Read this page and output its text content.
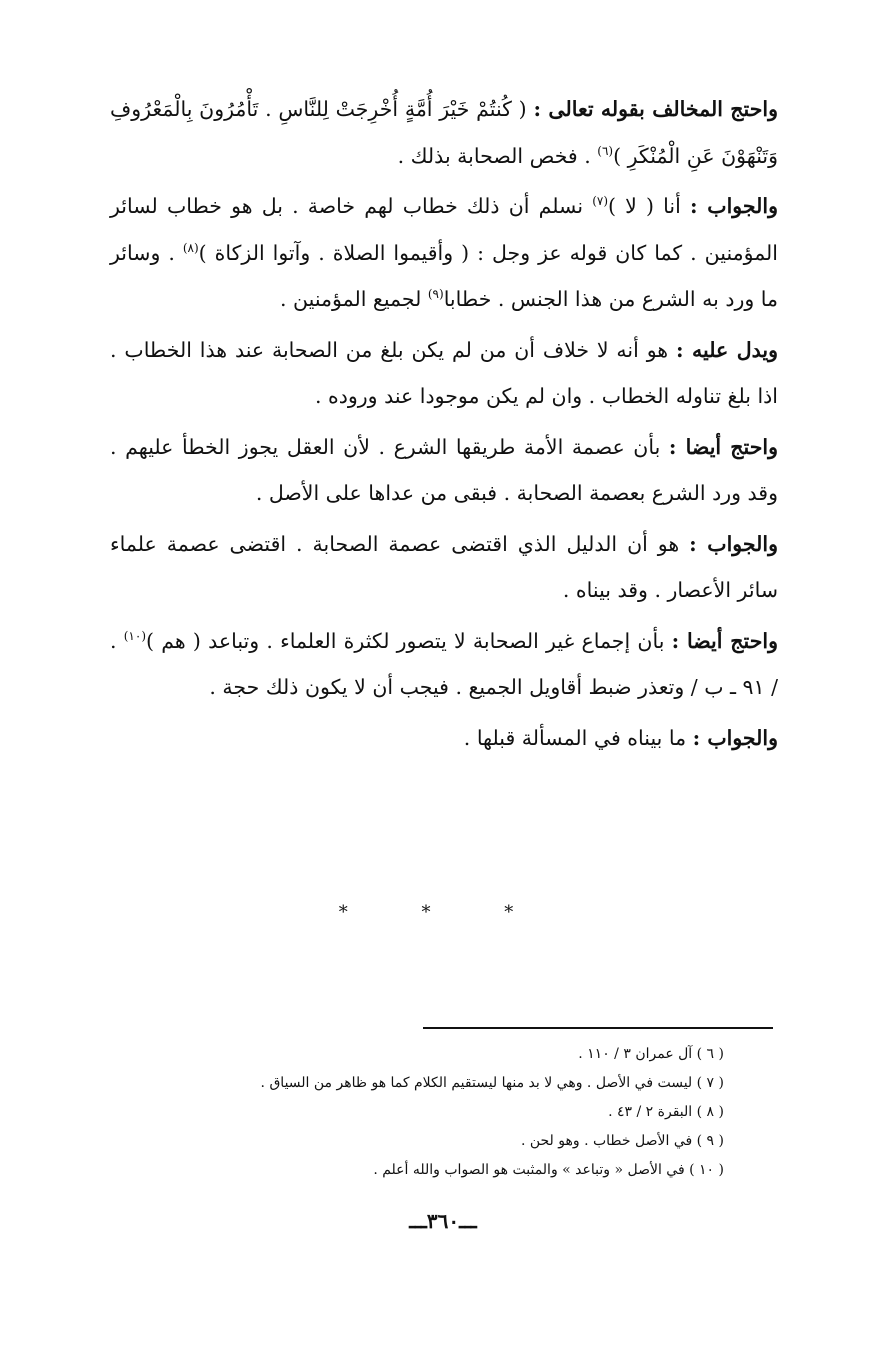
واحتج المخالف بقوله تعالى : ( كُنتُمْ خَيْرَ أُمَّةٍ أُخْرِجَتْ لِلنَّاسِ . تَأْمُرُونَ بِالْمَعْرُوفِ وَتَنْهَوْنَ عَنِ الْمُنْكَرِ )$^{(٦)}$ . فخص الصحابة بذلك .

والجواب : أنا ( لا )$^{(٧)}$ نسلم أن ذلك خطاب لهم خاصة . بل هو خطاب لسائر المؤمنين . كما كان قوله عز وجل : ( وأقيموا الصلاة . وآتوا الزكاة )$^{(٨)}$ . وسائر ما ورد به الشرع من هذا الجنس . خطابا$^{(٩)}$ لجميع المؤمنين .

ويدل عليه : هو أنه لا خلاف أن من لم يكن بلغ من الصحابة عند هذا الخطاب . اذا بلغ تناوله الخطاب . وان لم يكن موجودا عند وروده .

واحتج أيضا : بأن عصمة الأمة طريقها الشرع . لأن العقل يجوز الخطأ عليهم . وقد ورد الشرع بعصمة الصحابة . فبقى من عداها على الأصل .

والجواب : هو أن الدليل الذي اقتضى عصمة الصحابة . اقتضى عصمة علماء سائر الأعصار . وقد بيناه .

واحتج أيضا : بأن إجماع غير الصحابة لا يتصور لكثرة العلماء . وتباعد ( هم )$^{(١٠)}$ . / ٩١ ـ ب / وتعذر ضبط أقاويل الجميع . فيجب أن لا يكون ذلك حجة .

والجواب : ما بيناه في المسألة قبلها .

* * *
( ٦ ) آل عمران ٣ / ١١٠ .
( ٧ ) ليست في الأصل . وهي لا بد منها ليستقيم الكلام كما هو ظاهر من السياق .
( ٨ ) البقرة ٢ / ٤٣ .
( ٩ ) في الأصل خطاب . وهو لحن .
( ١٠ ) في الأصل « وتباعد » والمثبت هو الصواب والله أعلم .
ـــ٣٦٠ـــ
